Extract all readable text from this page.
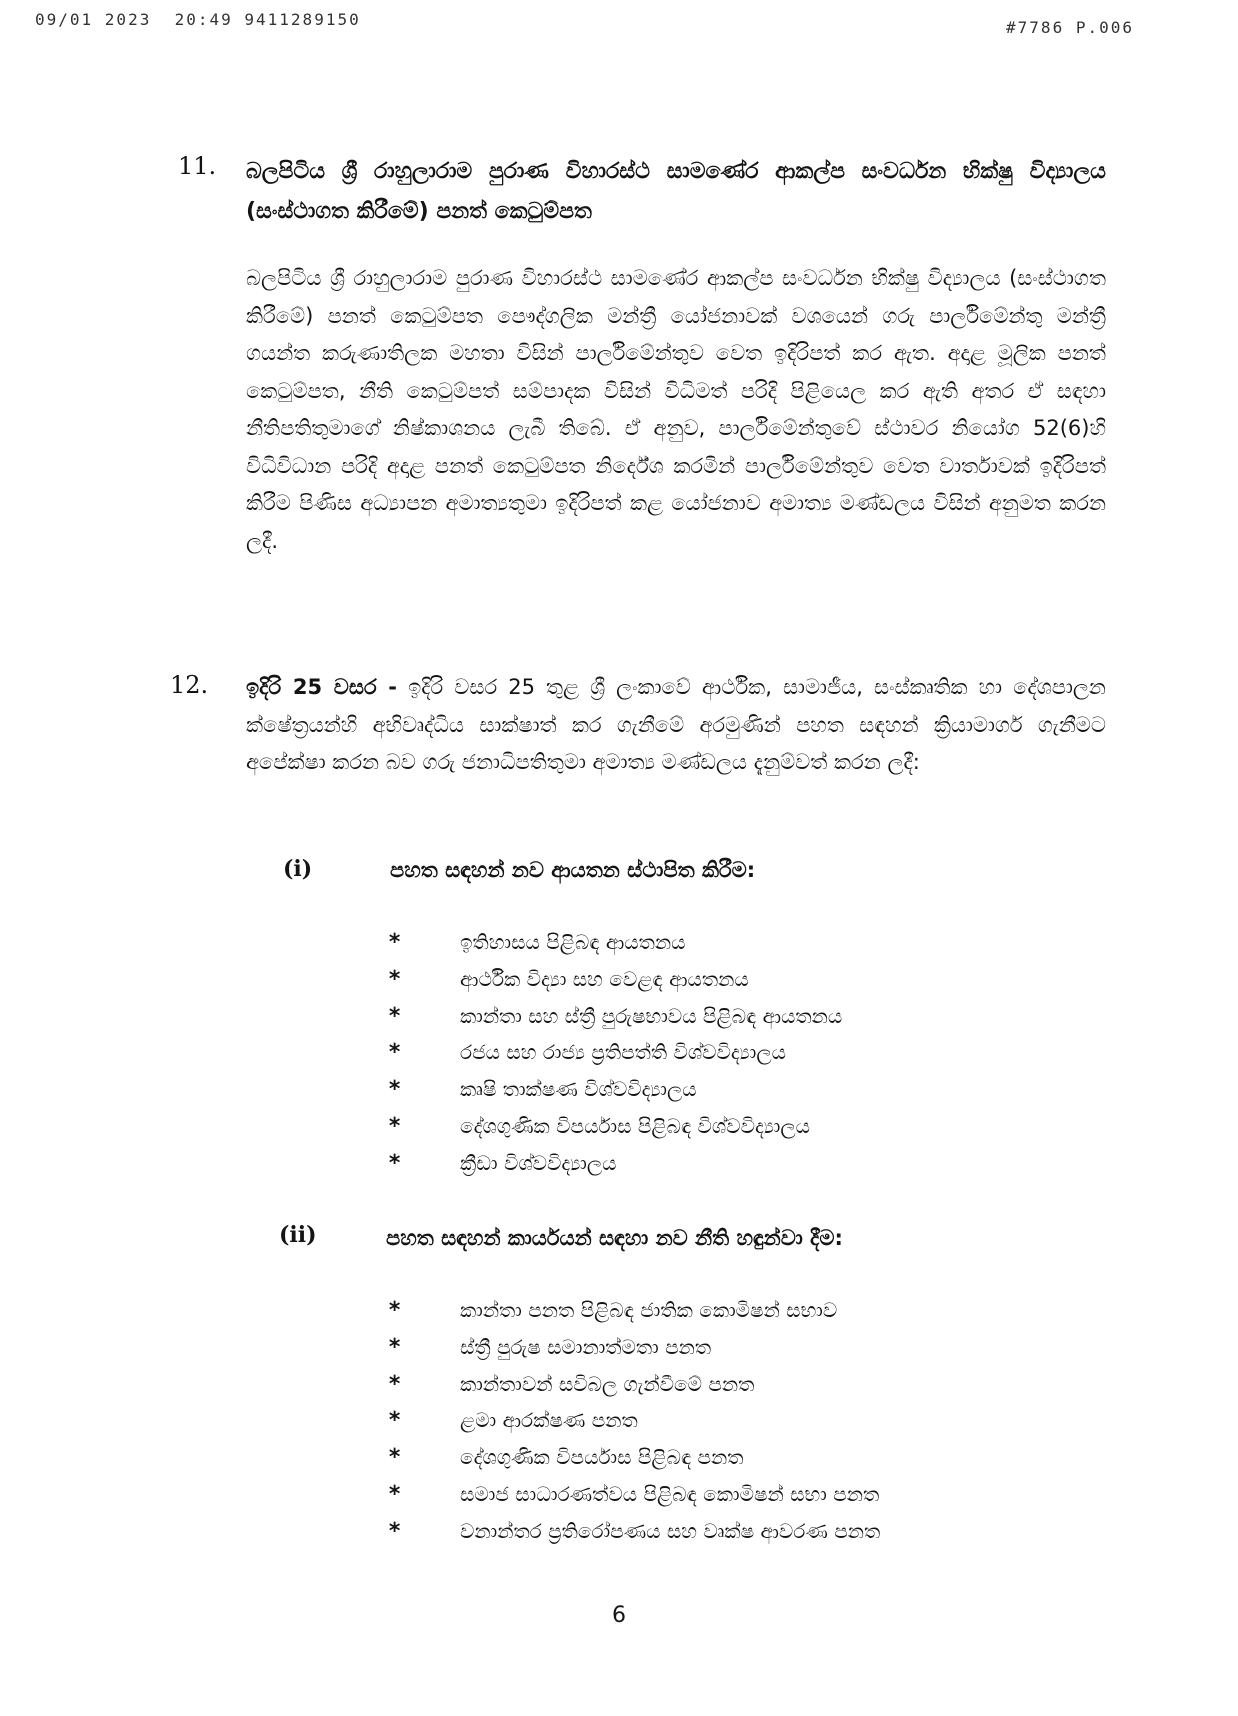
09/01 2023  20:49 9411289150	#7786 P.006
11. බලපිටිය ශ්‍රී රාහුලාරාම පුරාණ විහාරස්ථ සාමණේර ආකල්ප සංවර්ධන භික්ෂු විද්‍යාලය (සංස්ථාගත කිරීමේ) පනත් කෙටුම්පත
බලපිටිය ශ්‍රී රාහුලාරාම පුරාණ විහාරස්ථ සාමණේර ආකල්ප සංවර්ධන භික්ෂු විද්‍යාලය (සංස්ථාගත කිරීමේ) පනත් කෙටුම්පත පෞද්ගලික මන්ත්‍රී යෝජනාවක් වශයෙන් ගරු පාර්ලිමේන්තු මන්ත්‍රී ගයන්ත කරුණාතිලක මහතා විසින් පාර්ලිමේන්තුව වෙත ඉදිරිපත් කර ඇත. අදාළ මූලික පනත් කෙටුම්පත, නීති කෙටුම්පත් සම්පාදක විසින් විධිමත් පරිදි පිළියෙල කර ඇති අතර ඒ සඳහා නීතිපතිතුමාගේ නිෂ්කාශනය ලැබී තිබේ. ඒ අනුව, පාර්ලිමේන්තුවේ ස්ථාවර නියෝග 52(6)හි විධිවිධාන පරිදි අදාළ පනත් කෙටුම්පත නිර්දේශ කරමින් පාර්ලිමේන්තුව වෙත වාර්තාවක් ඉදිරිපත් කිරීම පිණිස අධ්‍යාපන අමාත්‍යතුමා ඉදිරිපත් කළ යෝජනාව අමාත්‍ය මණ්ඩලය විසින් අනුමත කරන ලදී.
12. ඉදිරි 25 වසර - ඉදිරි වසර 25 තුළ ශ්‍රී ලංකාවේ ආර්ථික, සාමාජීය, සංස්කෘතික හා දේශපාලන ක්ෂේත්‍රයන්හි අභිවෘද්ධිය සාක්ෂාත් කර ගැනීමේ අරමුණින් පහත සඳහන් ක්‍රියාමාර්ග ගැනීමට අපේක්ෂා කරන බව ගරු ජනාධිපතිතුමා අමාත්‍ය මණ්ඩලය දැනුම්වත් කරන ලදී:
(i)	පහත සඳහන් නව ආයතන ස්ථාපිත කිරීම:
*	ඉතිහාසය පිළිබඳ ආයතනය
*	ආර්ථික විද්‍යා සහ වෙළඳ ආයතනය
*	කාන්තා සහ ස්ත්‍රී පුරුෂභාවය පිළිබඳ ආයතනය
*	රජය සහ රාජ්‍ය ප්‍රතිපත්ති විශ්වවිද්‍යාලය
*	කෘෂි තාක්ෂණ විශ්වවිද්‍යාලය
*	දේශගුණික විපර්යාස පිළිබඳ විශ්වවිද්‍යාලය
*	ක්‍රීඩා විශ්වවිද්‍යාලය
(ii)	පහත සඳහන් කාර්යයන් සඳහා නව නීති හඳුන්වා දීම:
*	කාන්තා පනත පිළිබඳ ජාතික කොමිෂන් සභාව
*	ස්ත්‍රී පුරුෂ සමානාත්මතා පනත
*	කාන්තාවන් සවිබල ගැන්වීමේ පනත
*	ළමා ආරක්ෂණ පනත
*	දේශගුණික විපර්යාස පිළිබඳ පනත
*	සමාජ සාධාරණත්වය පිළිබඳ කොමිෂන් සභා පනත
*	වනාන්තර ප්‍රතිරෝපණය සහ වෘක්ෂ ආවරණ පනත
6
